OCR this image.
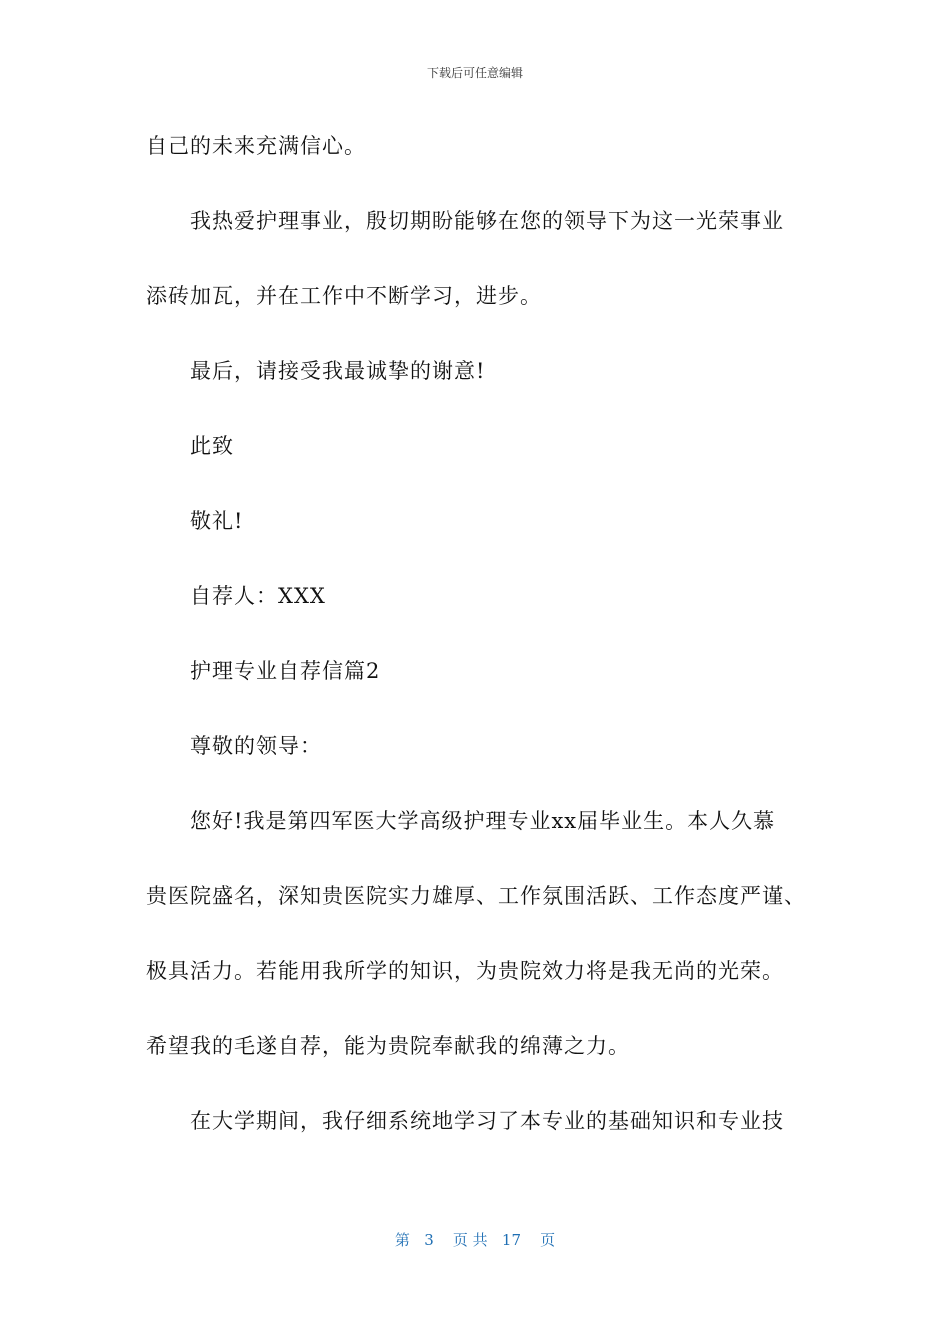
下载后可任意编辑
自己的未来充满信心。
我热爱护理事业，殷切期盼能够在您的领导下为这一光荣事业
添砖加瓦，并在工作中不断学习，进步。
最后，请接受我最诚挚的谢意!
此致
敬礼!
自荐人：XXX
护理专业自荐信篇2
尊敬的领导：
您好!我是第四军医大学高级护理专业xx届毕业生。本人久慕
贵医院盛名，深知贵医院实力雄厚、工作氛围活跃、工作态度严谨、
极具活力。若能用我所学的知识，为贵院效力将是我无尚的光荣。
希望我的毛遂自荐，能为贵院奉献我的绵薄之力。
在大学期间，我仔细系统地学习了本专业的基础知识和专业技
第   3    页 共   17    页
